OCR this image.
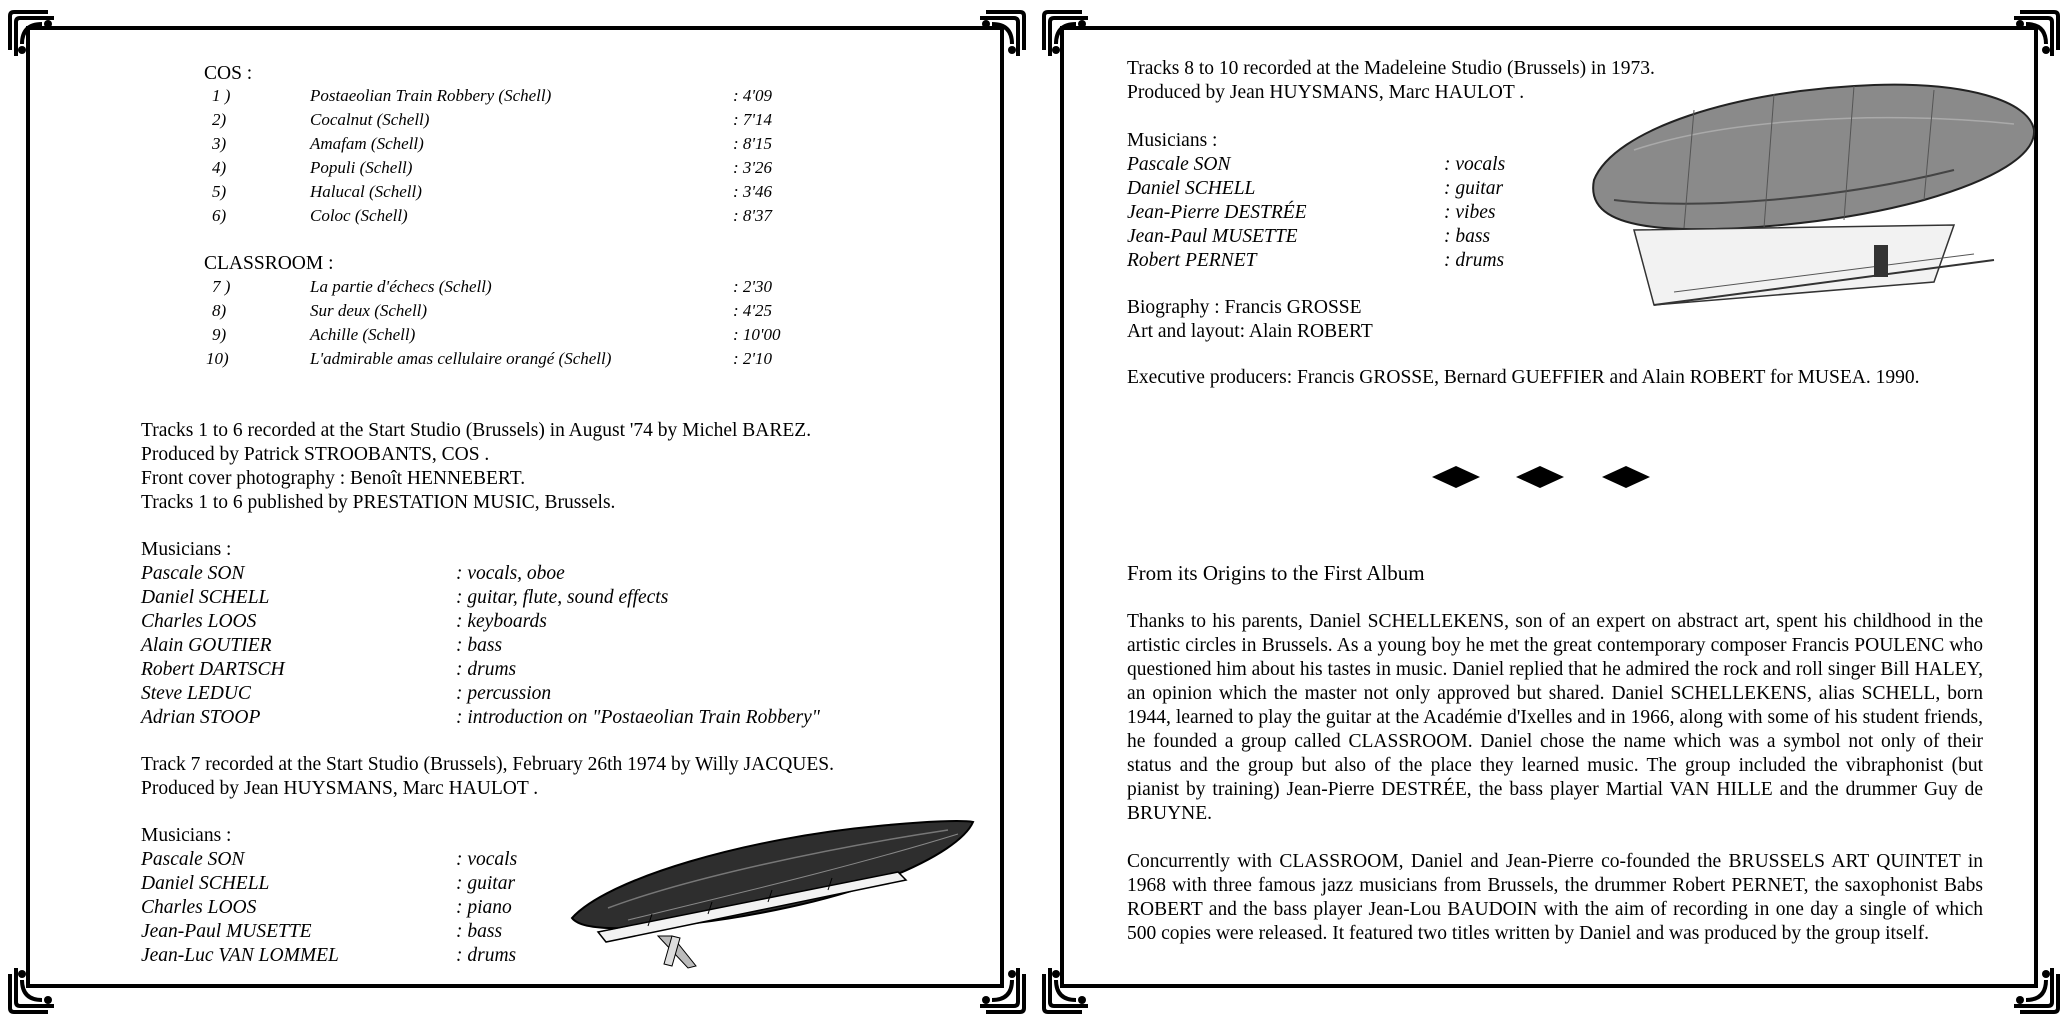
COS :
1 )	Postaeolian Train Robbery (Schell)	: 4'09
2)	Cocalnut (Schell)	: 7'14
3)	Amafam (Schell)	: 8'15
4)	Populi (Schell)	: 3'26
5)	Halucal (Schell)	: 3'46
6)	Coloc (Schell)	: 8'37
CLASSROOM :
7 )	La partie d'échecs (Schell)	: 2'30
8)	Sur deux (Schell)	: 4'25
9)	Achille (Schell)	: 10'00
10)	L'admirable amas cellulaire orangé (Schell)	: 2'10
Tracks 1 to 6 recorded at the Start Studio (Brussels) in August '74 by Michel BAREZ.
Produced by Patrick STROOBANTS, COS .
Front cover photography : Benoît HENNEBERT.
Tracks 1 to 6 published by PRESTATION MUSIC, Brussels.
Musicians :
Pascale SON	: vocals, oboe
Daniel SCHELL	: guitar, flute, sound effects
Charles LOOS	: keyboards
Alain GOUTIER	: bass
Robert DARTSCH	: drums
Steve LEDUC	: percussion
Adrian STOOP	: introduction on "Postaeolian Train Robbery"
Track 7 recorded at the Start Studio (Brussels), February 26th 1974 by Willy JACQUES.
Produced by Jean HUYSMANS, Marc HAULOT .
Musicians :
Pascale SON	: vocals
Daniel SCHELL	: guitar
Charles LOOS	: piano
Jean-Paul MUSETTE	: bass
Jean-Luc VAN LOMMEL	: drums
Tracks 8 to 10 recorded at the Madeleine Studio (Brussels) in 1973.
Produced by Jean HUYSMANS, Marc HAULOT .
Musicians :
Pascale SON	: vocals
Daniel SCHELL	: guitar
Jean-Pierre DESTRÉE	: vibes
Jean-Paul MUSETTE	: bass
Robert PERNET	: drums
Biography : Francis GROSSE
Art and layout: Alain ROBERT
Executive producers: Francis GROSSE, Bernard GUEFFIER and Alain ROBERT for MUSEA. 1990.
From its Origins to the First Album
Thanks to his parents, Daniel SCHELLEKENS, son of an expert on abstract art, spent his childhood in the artistic circles in Brussels. As a young boy he met the great contemporary composer Francis POULENC who questioned him about his tastes in music. Daniel replied that he admired the rock and roll singer Bill HALEY, an opinion which the master not only approved but shared. Daniel SCHELLEKENS, alias SCHELL, born 1944, learned to play the guitar at the Académie d'Ixelles and in 1966, along with some of his student friends, he founded a group called CLASSROOM. Daniel chose the name which was a symbol not only of their status and the group but also of the place they learned music. The group included the vibraphonist (but pianist by training) Jean-Pierre DESTRÉE, the bass player Martial VAN HILLE and the drummer Guy de BRUYNE.
Concurrently with CLASSROOM, Daniel and Jean-Pierre co-founded the BRUSSELS ART QUINTET in 1968 with three famous jazz musicians from Brussels, the drummer Robert PERNET, the saxophonist Babs ROBERT and the bass player Jean-Lou BAUDOIN with the aim of recording in one day a single of which 500 copies were released. It featured two titles written by Daniel and was produced by the group itself.
